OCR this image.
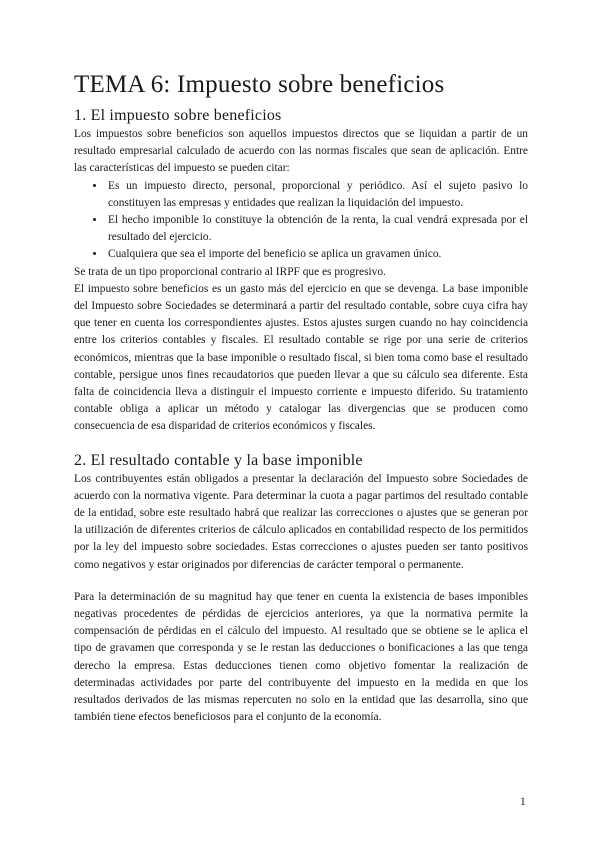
TEMA 6: Impuesto sobre beneficios
1. El impuesto sobre beneficios

Los impuestos sobre beneficios son aquellos impuestos directos que se liquidan a partir de un resultado empresarial calculado de acuerdo con las normas fiscales que sean de aplicación. Entre las características del impuesto se pueden citar:

• Es un impuesto directo, personal, proporcional y periódico. Así el sujeto pasivo lo constituyen las empresas y entidades que realizan la liquidación del impuesto.
• El hecho imponible lo constituye la obtención de la renta, la cual vendrá expresada por el resultado del ejercicio.
• Cualquiera que sea el importe del beneficio se aplica un gravamen único.

Se trata de un tipo proporcional contrario al IRPF que es progresivo.

El impuesto sobre beneficios es un gasto más del ejercicio en que se devenga. La base imponible del Impuesto sobre Sociedades se determinará a partir del resultado contable, sobre cuya cifra hay que tener en cuenta los correspondientes ajustes. Estos ajustes surgen cuando no hay coincidencia entre los criterios contables y fiscales. El resultado contable se rige por una serie de criterios económicos, mientras que la base imponible o resultado fiscal, si bien toma como base el resultado contable, persigue unos fines recaudatorios que pueden llevar a que su cálculo sea diferente. Esta falta de coincidencia lleva a distinguir el impuesto corriente e impuesto diferido. Su tratamiento contable obliga a aplicar un método y catalogar las divergencias que se producen como consecuencia de esa disparidad de criterios económicos y fiscales.

2. El resultado contable y la base imponible

Los contribuyentes están obligados a presentar la declaración del Impuesto sobre Sociedades de acuerdo con la normativa vigente. Para determinar la cuota a pagar partimos del resultado contable de la entidad, sobre este resultado habrá que realizar las correcciones o ajustes que se generan por la utilización de diferentes criterios de cálculo aplicados en contabilidad respecto de los permitidos por la ley del impuesto sobre sociedades. Estas correcciones o ajustes pueden ser tanto positivos como negativos y estar originados por diferencias de carácter temporal o permanente.

Para la determinación de su magnitud hay que tener en cuenta la existencia de bases imponibles negativas procedentes de pérdidas de ejercicios anteriores, ya que la normativa permite la compensación de pérdidas en el cálculo del impuesto. Al resultado que se obtiene se le aplica el tipo de gravamen que corresponda y se le restan las deducciones o bonificaciones a las que tenga derecho la empresa. Estas deducciones tienen como objetivo fomentar la realización de determinadas actividades por parte del contribuyente del impuesto en la medida en que los resultados derivados de las mismas repercuten no solo en la entidad que las desarrolla, sino que también tiene efectos beneficiosos para el conjunto de la economía.

1
